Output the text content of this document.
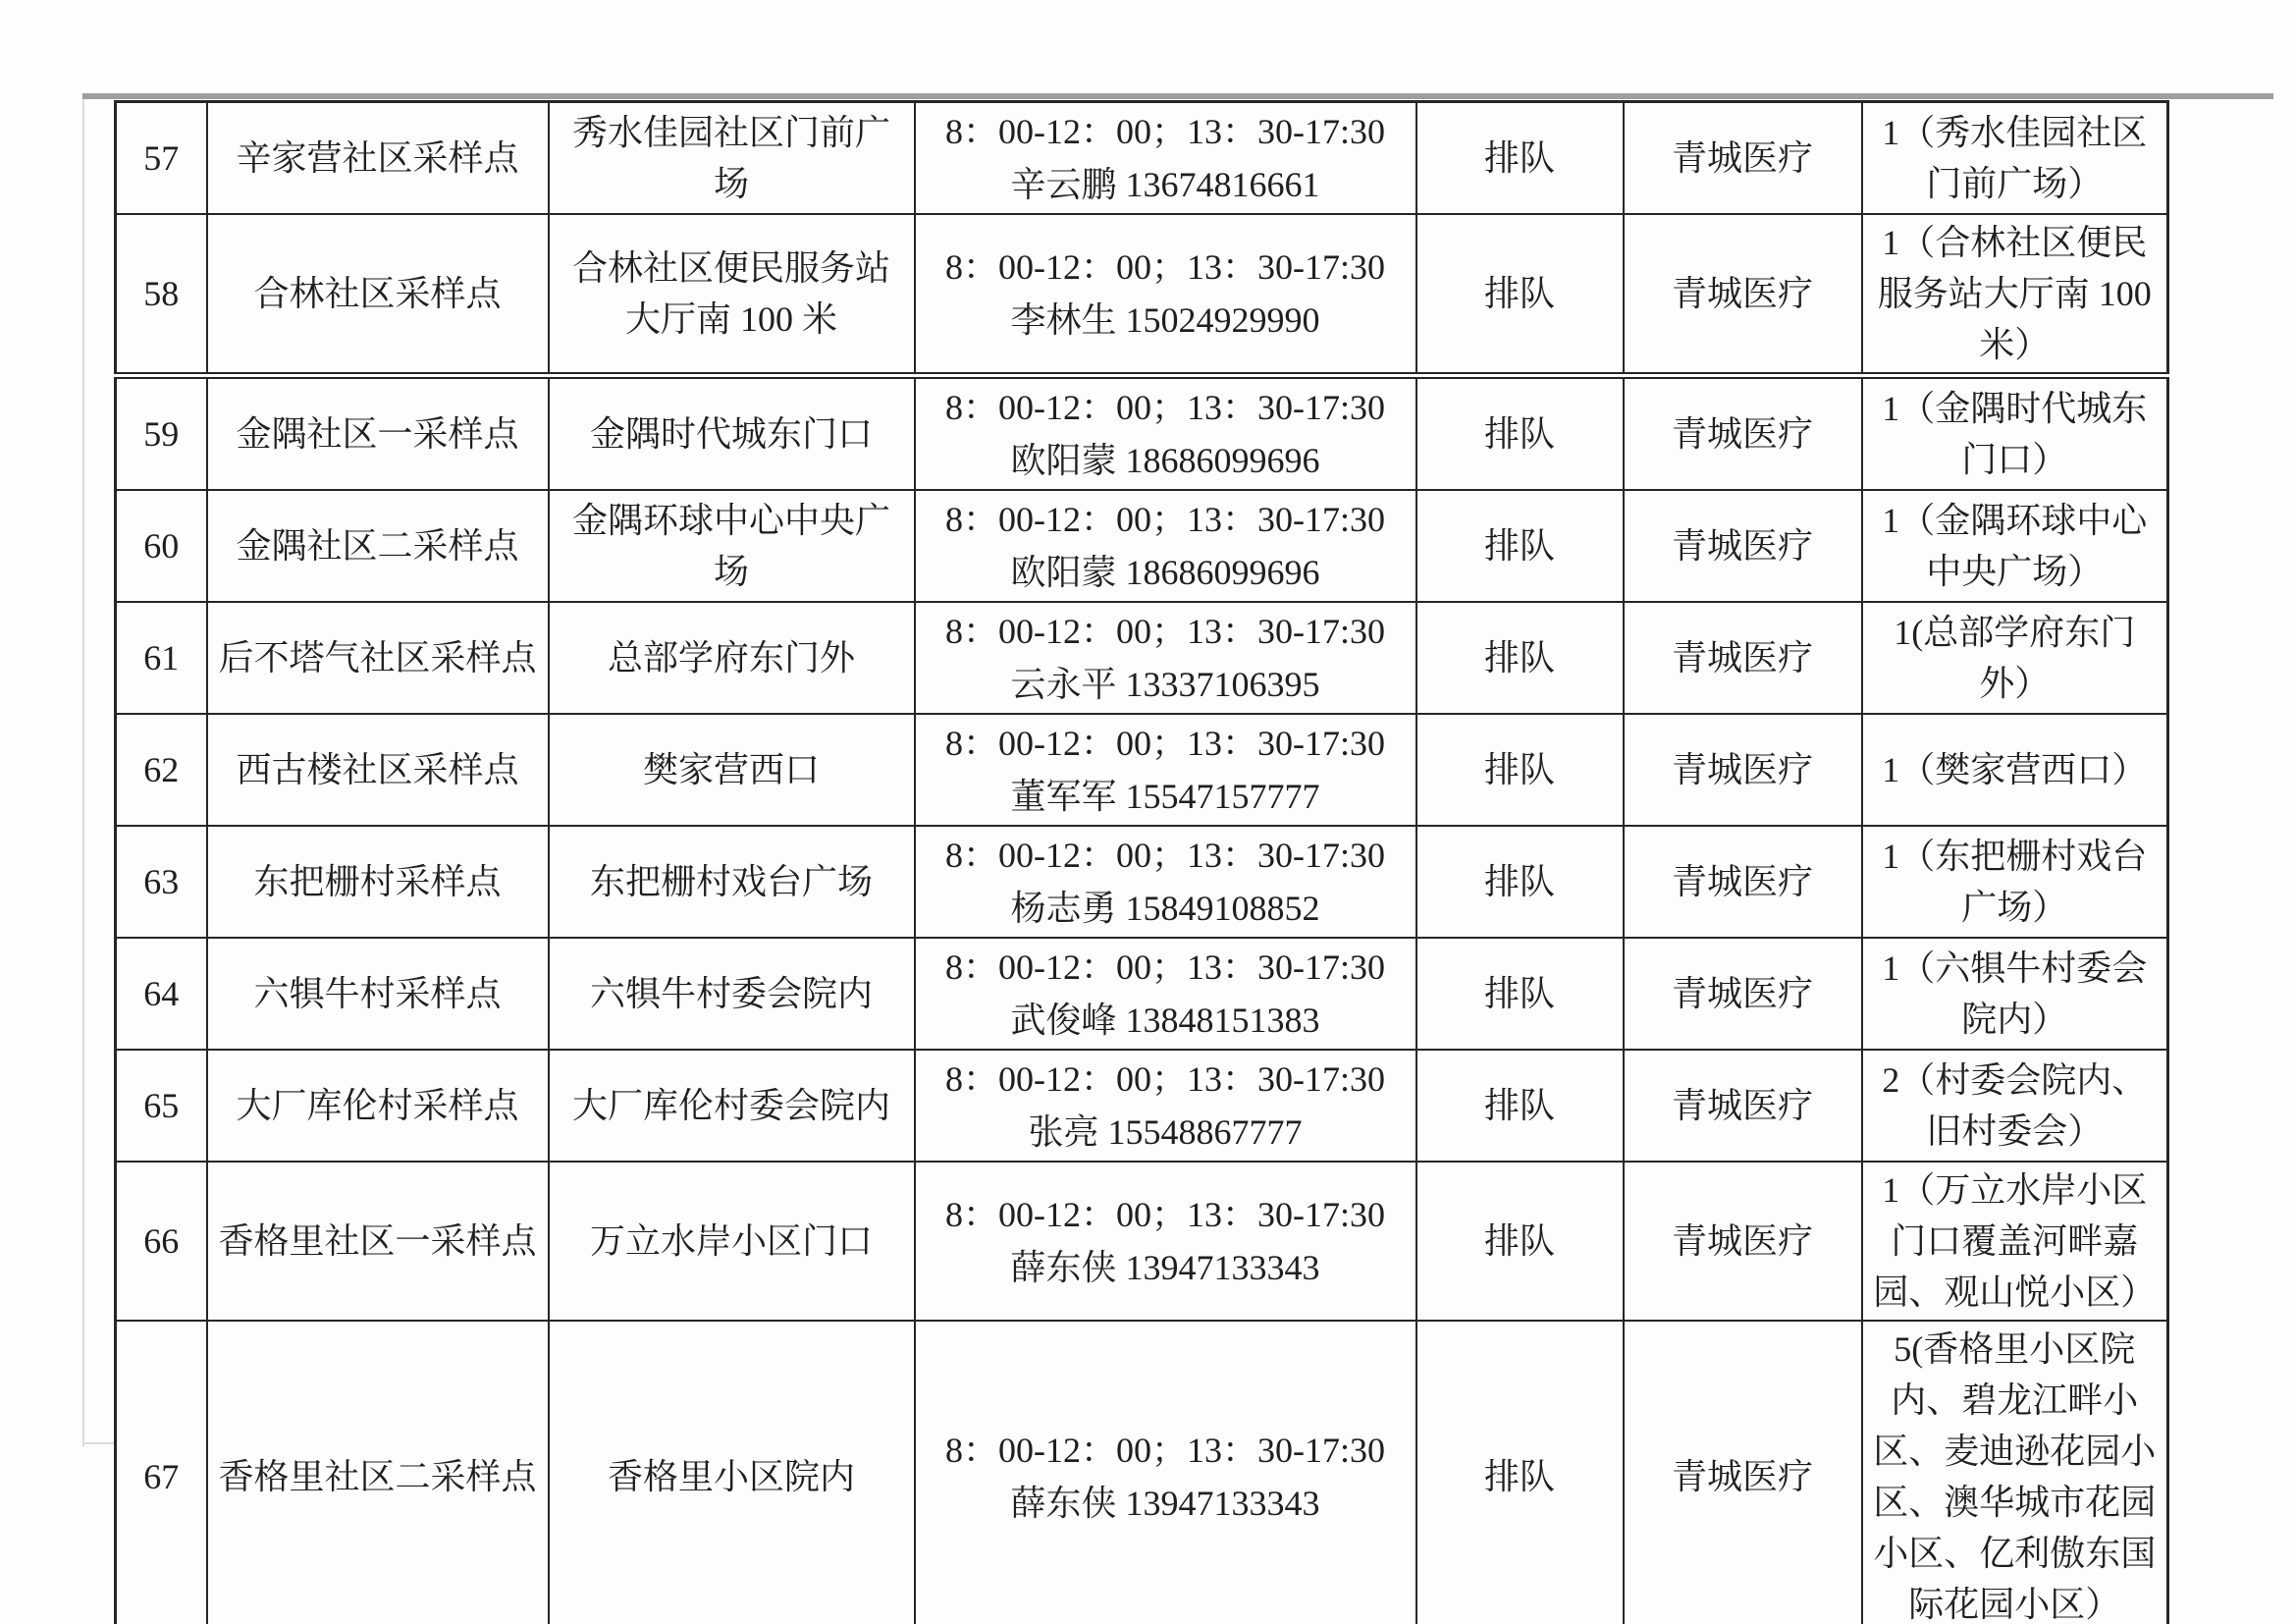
57	辛家营社区采样点	秀水佳园社区门前广场	8：00-12：00；13：30-17:30
辛云鹏 13674816661	排队	青城医疗	1（秀水佳园社区门前广场）
58	合林社区采样点	合林社区便民服务站大厅南 100 米	8：00-12：00；13：30-17:30
李林生 15024929990	排队	青城医疗	1（合林社区便民服务站大厅南 100 米）
59	金隅社区一采样点	金隅时代城东门口	8：00-12：00；13：30-17:30
欧阳蒙 18686099696	排队	青城医疗	1（金隅时代城东门口）
60	金隅社区二采样点	金隅环球中心中央广场	8：00-12：00；13：30-17:30
欧阳蒙 18686099696	排队	青城医疗	1（金隅环球中心中央广场）
61	后不塔气社区采样点	总部学府东门外	8：00-12：00；13：30-17:30
云永平 13337106395	排队	青城医疗	1(总部学府东门外）
62	西古楼社区采样点	樊家营西口	8：00-12：00；13：30-17:30
董军军 15547157777	排队	青城医疗	1（樊家营西口）
63	东把栅村采样点	东把栅村戏台广场	8：00-12：00；13：30-17:30
杨志勇 15849108852	排队	青城医疗	1（东把栅村戏台广场）
64	六犋牛村采样点	六犋牛村委会院内	8：00-12：00；13：30-17:30
武俊峰 13848151383	排队	青城医疗	1（六犋牛村委会院内）
65	大厂库伦村采样点	大厂库伦村委会院内	8：00-12：00；13：30-17:30
张亮 15548867777	排队	青城医疗	2（村委会院内、旧村委会）
66	香格里社区一采样点	万立水岸小区门口	8：00-12：00；13：30-17:30
薛东侠 13947133343	排队	青城医疗	1（万立水岸小区门口覆盖河畔嘉园、观山悦小区）
67	香格里社区二采样点	香格里小区院内	8：00-12：00；13：30-17:30
薛东侠 13947133343	排队	青城医疗	5(香格里小区院内、碧龙江畔小区、麦迪逊花园小区、澳华城市花园小区、亿利傲东国际花园小区）
